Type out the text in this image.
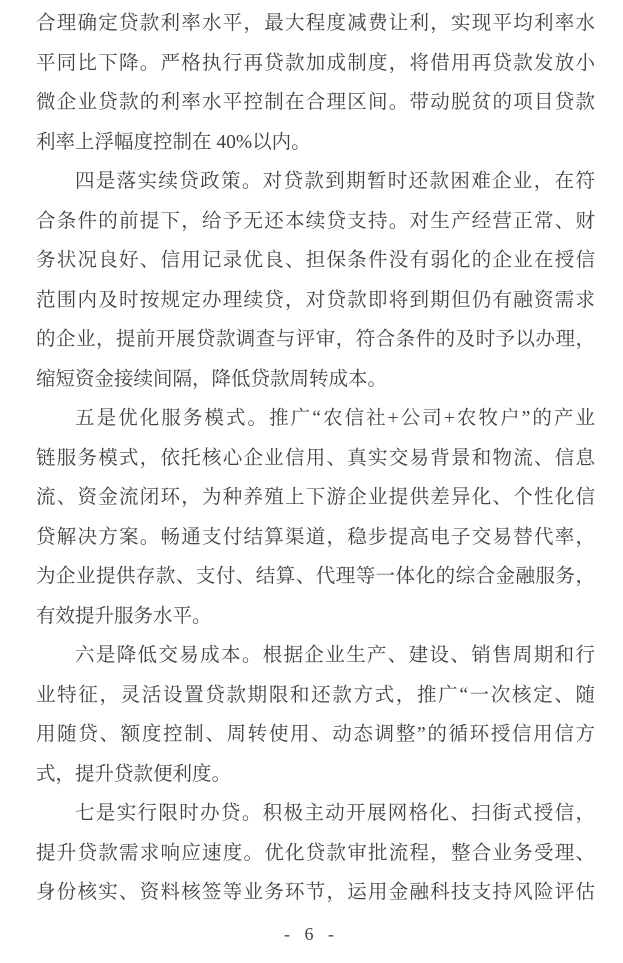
合理确定贷款利率水平，最大程度减费让利，实现平均利率水
平同比下降。严格执行再贷款加成制度，将借用再贷款发放小
微企业贷款的利率水平控制在合理区间。带动脱贫的项目贷款
利率上浮幅度控制在 40%以内。
四是落实续贷政策。对贷款到期暂时还款困难企业，在符
合条件的前提下，给予无还本续贷支持。对生产经营正常、财
务状况良好、信用记录优良、担保条件没有弱化的企业在授信
范围内及时按规定办理续贷，对贷款即将到期但仍有融资需求
的企业，提前开展贷款调查与评审，符合条件的及时予以办理，
缩短资金接续间隔，降低贷款周转成本。
五是优化服务模式。推广“农信社+公司+农牧户”的产业
链服务模式，依托核心企业信用、真实交易背景和物流、信息
流、资金流闭环，为种养殖上下游企业提供差异化、个性化信
贷解决方案。畅通支付结算渠道，稳步提高电子交易替代率，
为企业提供存款、支付、结算、代理等一体化的综合金融服务，
有效提升服务水平。
六是降低交易成本。根据企业生产、建设、销售周期和行
业特征，灵活设置贷款期限和还款方式，推广“一次核定、随
用随贷、额度控制、周转使用、动态调整”的循环授信用信方
式，提升贷款便利度。
七是实行限时办贷。积极主动开展网格化、扫街式授信，
提升贷款需求响应速度。优化贷款审批流程，整合业务受理、
身份核实、资料核签等业务环节，运用金融科技支持风险评估
- 6 -
